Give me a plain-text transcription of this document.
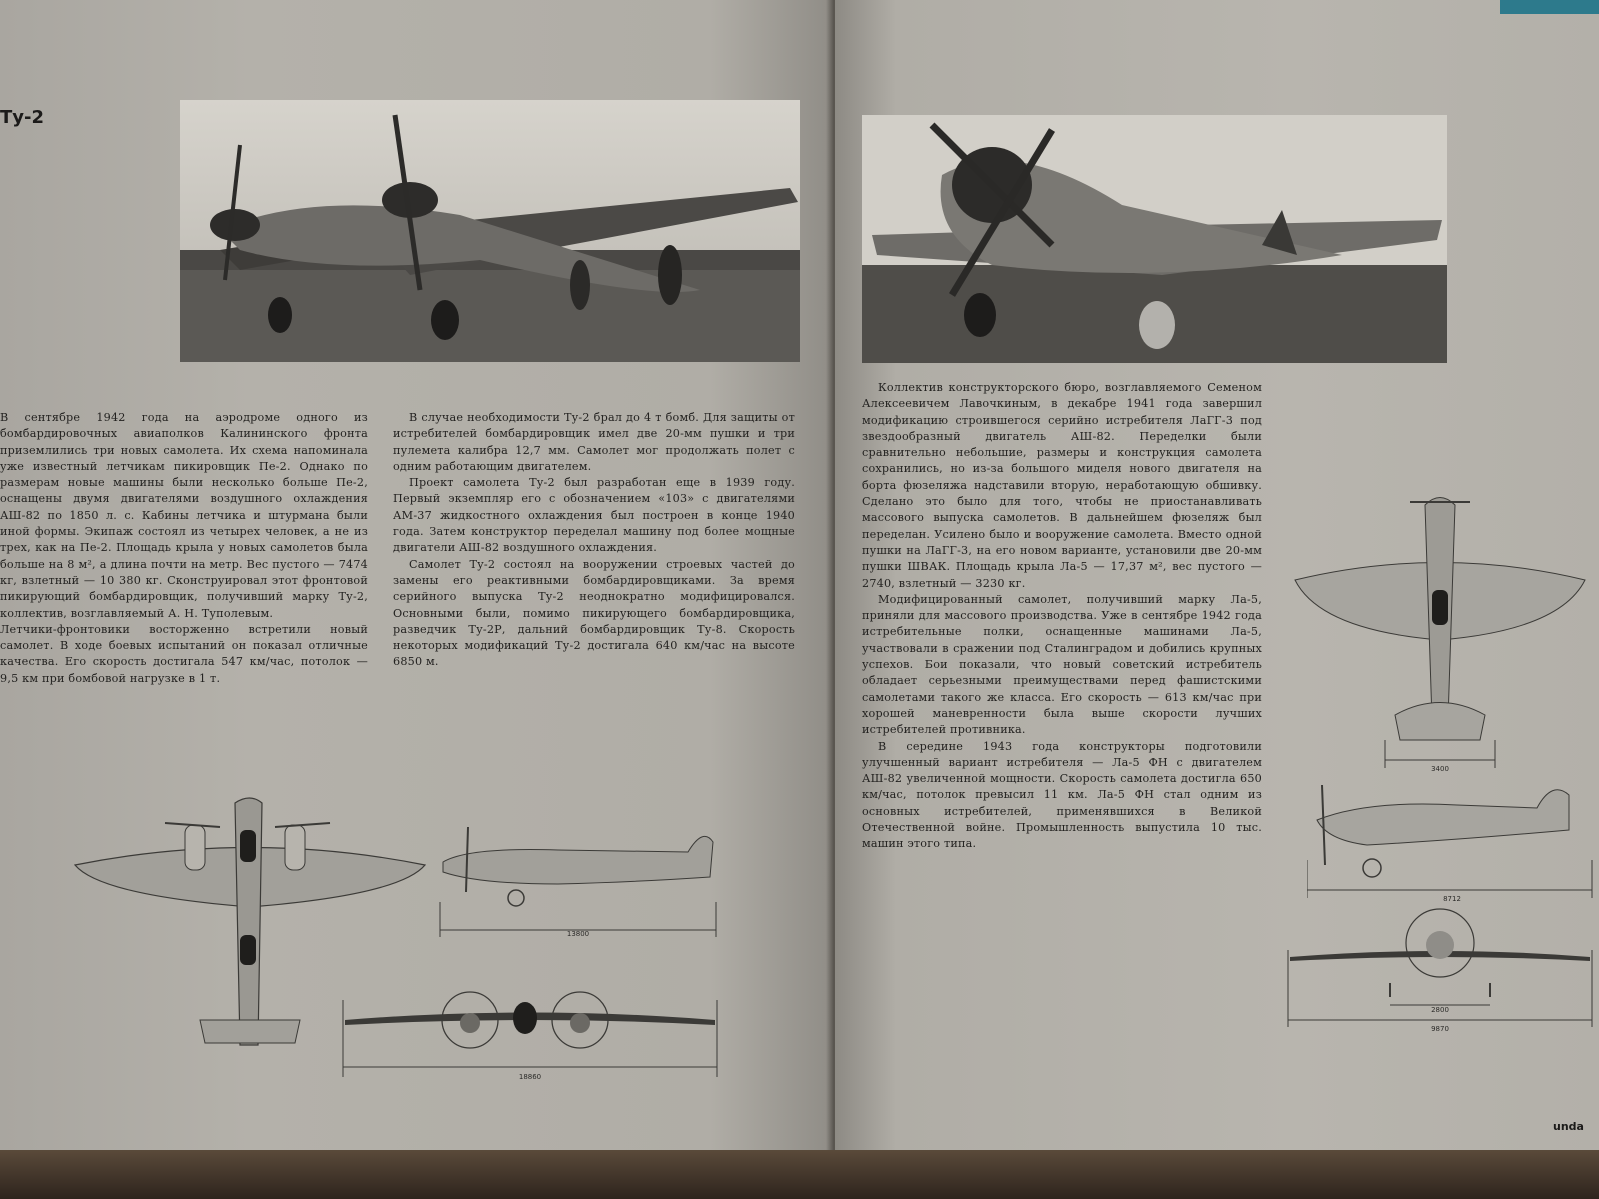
Ту-2

В сентябре 1942 года на аэродроме одного из бомбардировочных авиаполков Калининского фронта приземлились три новых самолета. Их схема напоминала уже известный летчикам пикировщик Пе-2. Однако по размерам новые машины были несколько больше Пе-2, оснащены двумя двигателями воздушного охлаждения АШ-82 по 1850 л. с. Кабины летчика и штурмана были иной формы. Экипаж состоял из четырех человек, а не из трех, как на Пе-2. Площадь крыла у новых самолетов была больше на 8 м², а длина почти на метр. Вес пустого — 7474 кг, взлетный — 10 380 кг. Сконструировал этот фронтовой пикирующий бомбардировщик, получивший марку Ту-2, коллектив, возглавляемый А. Н. Туполевым.

Летчики-фронтовики восторженно встретили новый самолет. В ходе боевых испытаний он показал отличные качества. Его скорость достигала 547 км/час, потолок — 9,5 км при бомбовой нагрузке в 1 т.

В случае необходимости Ту-2 брал до 4 т бомб. Для защиты от истребителей бомбардировщик имел две 20-мм пушки и три пулемета калибра 12,7 мм. Самолет мог продолжать полет с одним работающим двигателем.

Проект самолета Ту-2 был разработан еще в 1939 году. Первый экземпляр его с обозначением «103» с двигателями АМ-37 жидкостного охлаждения был построен в конце 1940 года. Затем конструктор переделал машину под более мощные двигатели АШ-82 воздушного охлаждения.

Самолет Ту-2 состоял на вооружении строевых частей до замены его реактивными бомбардировщиками. За время серийного выпуска Ту-2 неоднократно модифицировался. Основными были, помимо пикирующего бомбардировщика, разведчик Ту-2Р, дальний бомбардировщик Ту-8. Скорость некоторых модификаций Ту-2 достигала 640 км/час на высоте 6850 м.

13800
18860

Коллектив конструкторского бюро, возглавляемого Семеном Алексеевичем Лавочкиным, в декабре 1941 года завершил модификацию строившегося серийно истребителя ЛаГГ-3 под звездообразный двигатель АШ-82. Переделки были сравнительно небольшие, размеры и конструкция самолета сохранились, но из-за большого миделя нового двигателя на борта фюзеляжа надставили вторую, неработающую обшивку. Сделано это было для того, чтобы не приостанавливать массового выпуска самолетов. В дальнейшем фюзеляж был переделан. Усилено было и вооружение самолета. Вместо одной пушки на ЛаГГ-3, на его новом варианте, установили две 20-мм пушки ШВАК. Площадь крыла Ла-5 — 17,37 м², вес пустого — 2740, взлетный — 3230 кг.

Модифицированный самолет, получивший марку Ла-5, приняли для массового производства. Уже в сентябре 1942 года истребительные полки, оснащенные машинами Ла-5, участвовали в сражении под Сталинградом и добились крупных успехов. Бои показали, что новый советский истребитель обладает серьезными преимуществами перед фашистскими самолетами такого же класса. Его скорость — 613 км/час при хорошей маневренности была выше скорости лучших истребителей противника.

В середине 1943 года конструкторы подготовили улучшенный вариант истребителя — Ла-5 ФН с двигателем АШ-82 увеличенной мощности. Скорость самолета достигла 650 км/час, потолок превысил 11 км. Ла-5 ФН стал одним из основных истребителей, применявшихся в Великой Отечественной войне. Промышленность выпустила 10 тыс. машин этого типа.

3400
8712
2800
9870
unda
